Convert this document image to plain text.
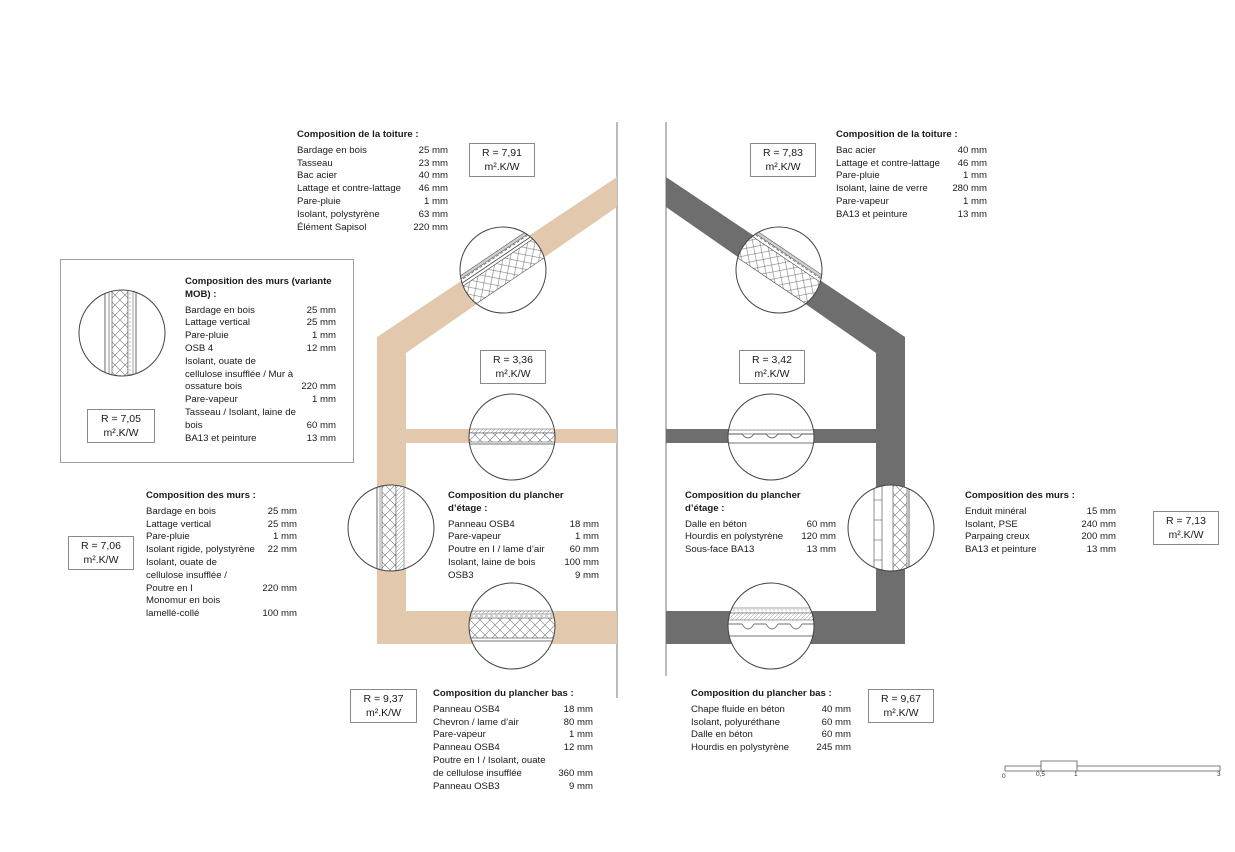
Composition de la toiture :
Bardage en bois	25 mm
Tasseau	23 mm
Bac acier	40 mm
Lattage et contre-lattage	46 mm
Pare-pluie	1 mm
Isolant, polystyrène	63 mm
Élément Sapisol	220 mm
R = 7,91
m².K/W
Composition des murs (variante MOB) :
Bardage en bois	25 mm
Lattage vertical	25 mm
Pare-pluie	1 mm
OSB 4	12 mm
Isolant, ouate de cellulose insufflée / Mur à ossature bois	220 mm
Pare-vapeur	1 mm
Tasseau / Isolant, laine de bois	60 mm
BA13 et peinture	13 mm
R = 7,05
m².K/W
R = 3,36
m².K/W
Composition du plancher d’étage :
Panneau OSB4	18 mm
Pare-vapeur	1 mm
Poutre en I / lame d’air	60 mm
Isolant, laine de bois	100 mm
OSB3	9 mm
Composition des murs :
Bardage en bois	25 mm
Lattage vertical	25 mm
Pare-pluie	1 mm
Isolant rigide, polystyrène	22 mm
Isolant, ouate de cellulose insufflée / Poutre en I	220 mm
Monomur en bois lamellé-collé	100 mm
R = 7,06
m².K/W
Composition du plancher bas :
Panneau OSB4	18 mm
Chevron / lame d’air	80 mm
Pare-vapeur	1 mm
Panneau OSB4	12 mm
Poutre en I / Isolant, ouate de cellulose insufflée	360 mm
Panneau OSB3	9 mm
R = 9,37
m².K/W
Composition de la toiture :
Bac acier	40 mm
Lattage et contre-lattage	46 mm
Pare-pluie	1 mm
Isolant, laine de verre	280 mm
Pare-vapeur	1 mm
BA13 et peinture	13 mm
R = 7,83
m².K/W
R = 3,42
m².K/W
Composition du plancher d’étage :
Dalle en béton	60 mm
Hourdis en polystyrène	120 mm
Sous-face BA13	13 mm
Composition des murs :
Enduit minéral	15 mm
Isolant, PSE	240 mm
Parpaing creux	200 mm
BA13 et peinture	13 mm
R = 7,13
m².K/W
Composition du plancher bas :
Chape fluide en béton	40 mm
Isolant, polyuréthane	60 mm
Dalle en béton	60 mm
Hourdis en polystyrène	245 mm
R = 9,67
m².K/W
0	0,5	1	3
